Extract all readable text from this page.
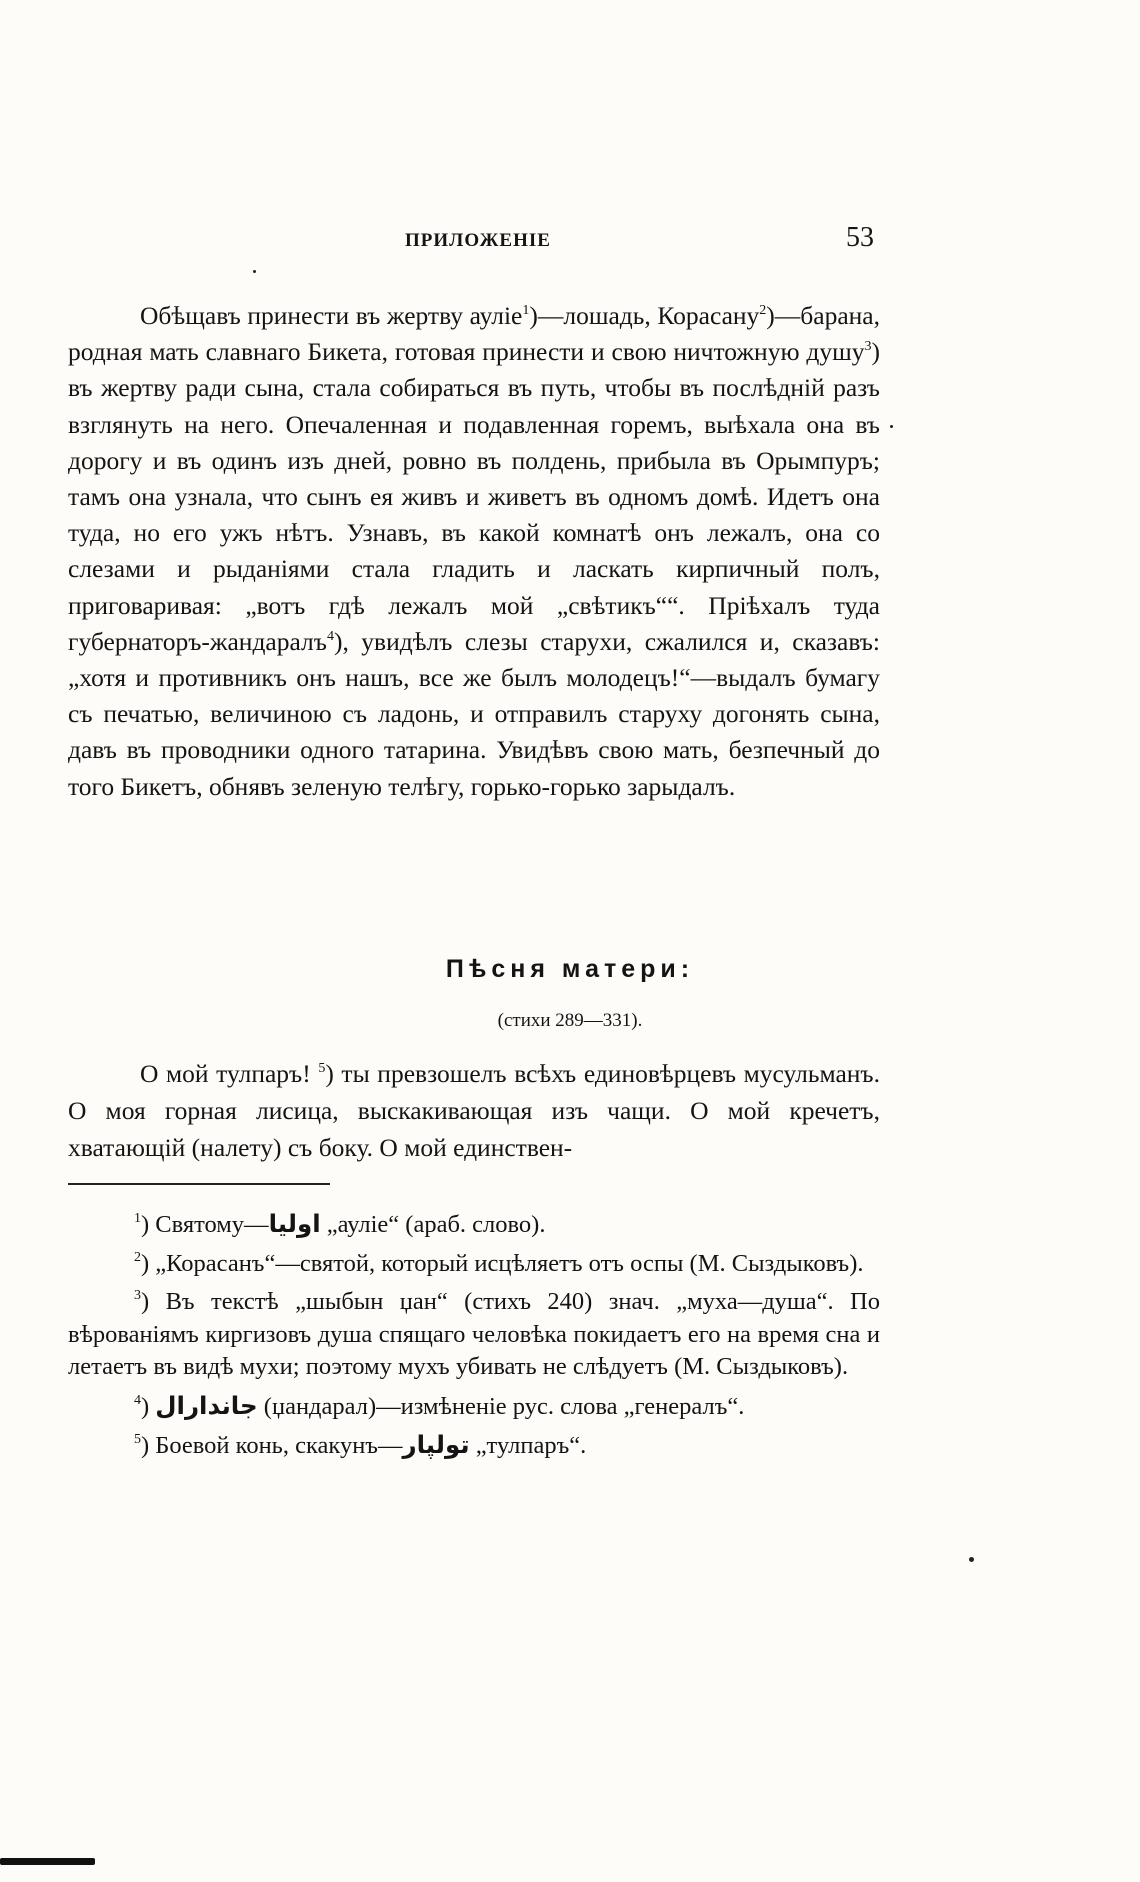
ПРИЛОЖЕНІЕ	53

Обѣщавъ принести въ жертву ауліе$^1$)—лошадь, Корасану$^2$)—барана, родная мать славнаго Бикета, готовая принести и свою ничтожную душу$^3$) въ жертву ради сына, стала собираться въ путь, чтобы въ послѣдній разъ взглянуть на него. Опечаленная и подавленная горемъ, выѣхала она въ дорогу и въ одинъ изъ дней, ровно въ полдень, прибыла въ Орымпуръ; тамъ она узнала, что сынъ ея живъ и живетъ въ одномъ домѣ. Идетъ она туда, но его ужъ нѣтъ. Узнавъ, въ какой комнатѣ онъ лежалъ, она со слезами и рыданіями стала гладить и ласкать кирпичный полъ, приговаривая: „вотъ гдѣ лежалъ мой „свѣтикъ““. Пріѣхалъ туда губернаторъ-жандаралъ$^4$), увидѣлъ слезы старухи, сжалился и, сказавъ: „хотя и противникъ онъ нашъ, все же былъ молодецъ!“—выдалъ бумагу съ печатью, величиною съ ладонь, и отправилъ старуху догонять сына, давъ въ проводники одного татарина. Увидѣвъ свою мать, безпечный до того Бикетъ, обнявъ зеленую телѣгу, горько-горько зарыдалъ.

Пѣсня матери:
(стихи 289—331).

О мой тулпаръ! $^5$) ты превзошелъ всѣхъ единовѣрцевъ мусульманъ. О моя горная лисица, выскакивающая изъ чащи. О мой кречетъ, хватающій (налету) съ боку. О мой единствен-

$^1$) Святому—اوليا „ауліе“ (араб. слово).

$^2$) „Корасанъ“—святой, который исцѣляетъ отъ оспы (М. Сыздыковъ).

$^3$) Въ текстѣ „шыбын џан“ (стихъ 240) знач. „муха—душа“. По вѣрованіямъ киргизовъ душа спящаго человѣка покидаетъ его на время сна и летаетъ въ видѣ мухи; поэтому мухъ убивать не слѣдуетъ (М. Сыздыковъ).

$^4$) جاندارال (џандарал)—измѣненіе рус. слова „генералъ“.

$^5$) Боевой конь, скакунъ—تولپار „тулпаръ“.
